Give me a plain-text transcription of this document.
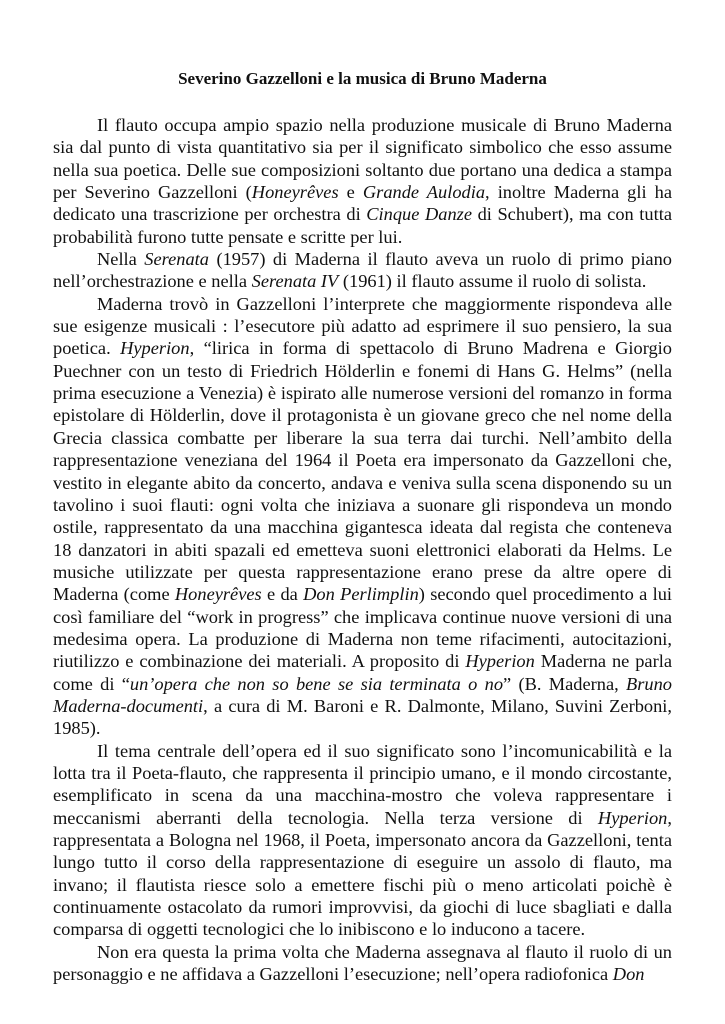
Severino Gazzelloni e la musica di Bruno Maderna

Il flauto occupa ampio spazio nella produzione musicale di Bruno Maderna sia dal punto di vista quantitativo sia per il significato simbolico che esso assume nella sua poetica. Delle sue composizioni soltanto due portano una dedica a stampa per Severino Gazzelloni (Honeyrêves e Grande Aulodia, inoltre Maderna gli ha dedicato una trascrizione per orchestra di Cinque Danze di Schubert), ma con tutta probabilità furono tutte pensate e scritte per lui.

Nella Serenata (1957) di Maderna il flauto aveva un ruolo di primo piano nell’orchestrazione e nella Serenata IV (1961) il flauto assume il ruolo di solista.

Maderna trovò in Gazzelloni l’interprete che maggiormente rispondeva alle sue esigenze musicali : l’esecutore più adatto ad esprimere il suo pensiero, la sua poetica. Hyperion, “lirica in forma di spettacolo di Bruno Madrena e Giorgio Puechner con un testo di Friedrich Hölderlin e fonemi di Hans G. Helms” (nella prima esecuzione a Venezia) è ispirato alle numerose versioni del romanzo in forma epistolare di Hölderlin, dove il protagonista è un giovane greco che nel nome della Grecia classica combatte per liberare la sua terra dai turchi. Nell’ambito della rappresentazione veneziana del 1964 il Poeta era impersonato da Gazzelloni che, vestito in elegante abito da concerto, andava e veniva sulla scena disponendo su un tavolino i suoi flauti: ogni volta che iniziava a suonare gli rispondeva un mondo ostile, rappresentato da una macchina gigantesca ideata dal regista che conteneva 18 danzatori in abiti spazali ed emetteva suoni elettronici elaborati da Helms. Le musiche utilizzate per questa rappresentazione erano prese da altre opere di Maderna (come Honeyrêves e da Don Perlimplin) secondo quel procedimento a lui così familiare del “work in progress” che implicava continue nuove versioni di una medesima opera. La produzione di Maderna non teme rifacimenti, autocitazioni, riutilizzo e combinazione dei materiali. A proposito di Hyperion Maderna ne parla come di “un’opera che non so bene se sia terminata o no” (B. Maderna, Bruno Maderna-documenti, a cura di M. Baroni e R. Dalmonte, Milano, Suvini Zerboni, 1985).

Il tema centrale dell’opera ed il suo significato sono l’incomunicabilità e la lotta tra il Poeta-flauto, che rappresenta il principio umano, e il mondo circostante, esemplificato in scena da una macchina-mostro che voleva rappresentare i meccanismi aberranti della tecnologia. Nella terza versione di Hyperion, rappresentata a Bologna nel 1968, il Poeta, impersonato ancora da Gazzelloni, tenta lungo tutto il corso della rappresentazione di eseguire un assolo di flauto, ma invano; il flautista riesce solo a emettere fischi più o meno articolati poichè è continuamente ostacolato da rumori improvvisi, da giochi di luce sbagliati e dalla comparsa di oggetti tecnologici che lo inibiscono e lo inducono a tacere.

Non era questa la prima volta che Maderna assegnava al flauto il ruolo di un personaggio e ne affidava a Gazzelloni l’esecuzione; nell’opera radiofonica Don
